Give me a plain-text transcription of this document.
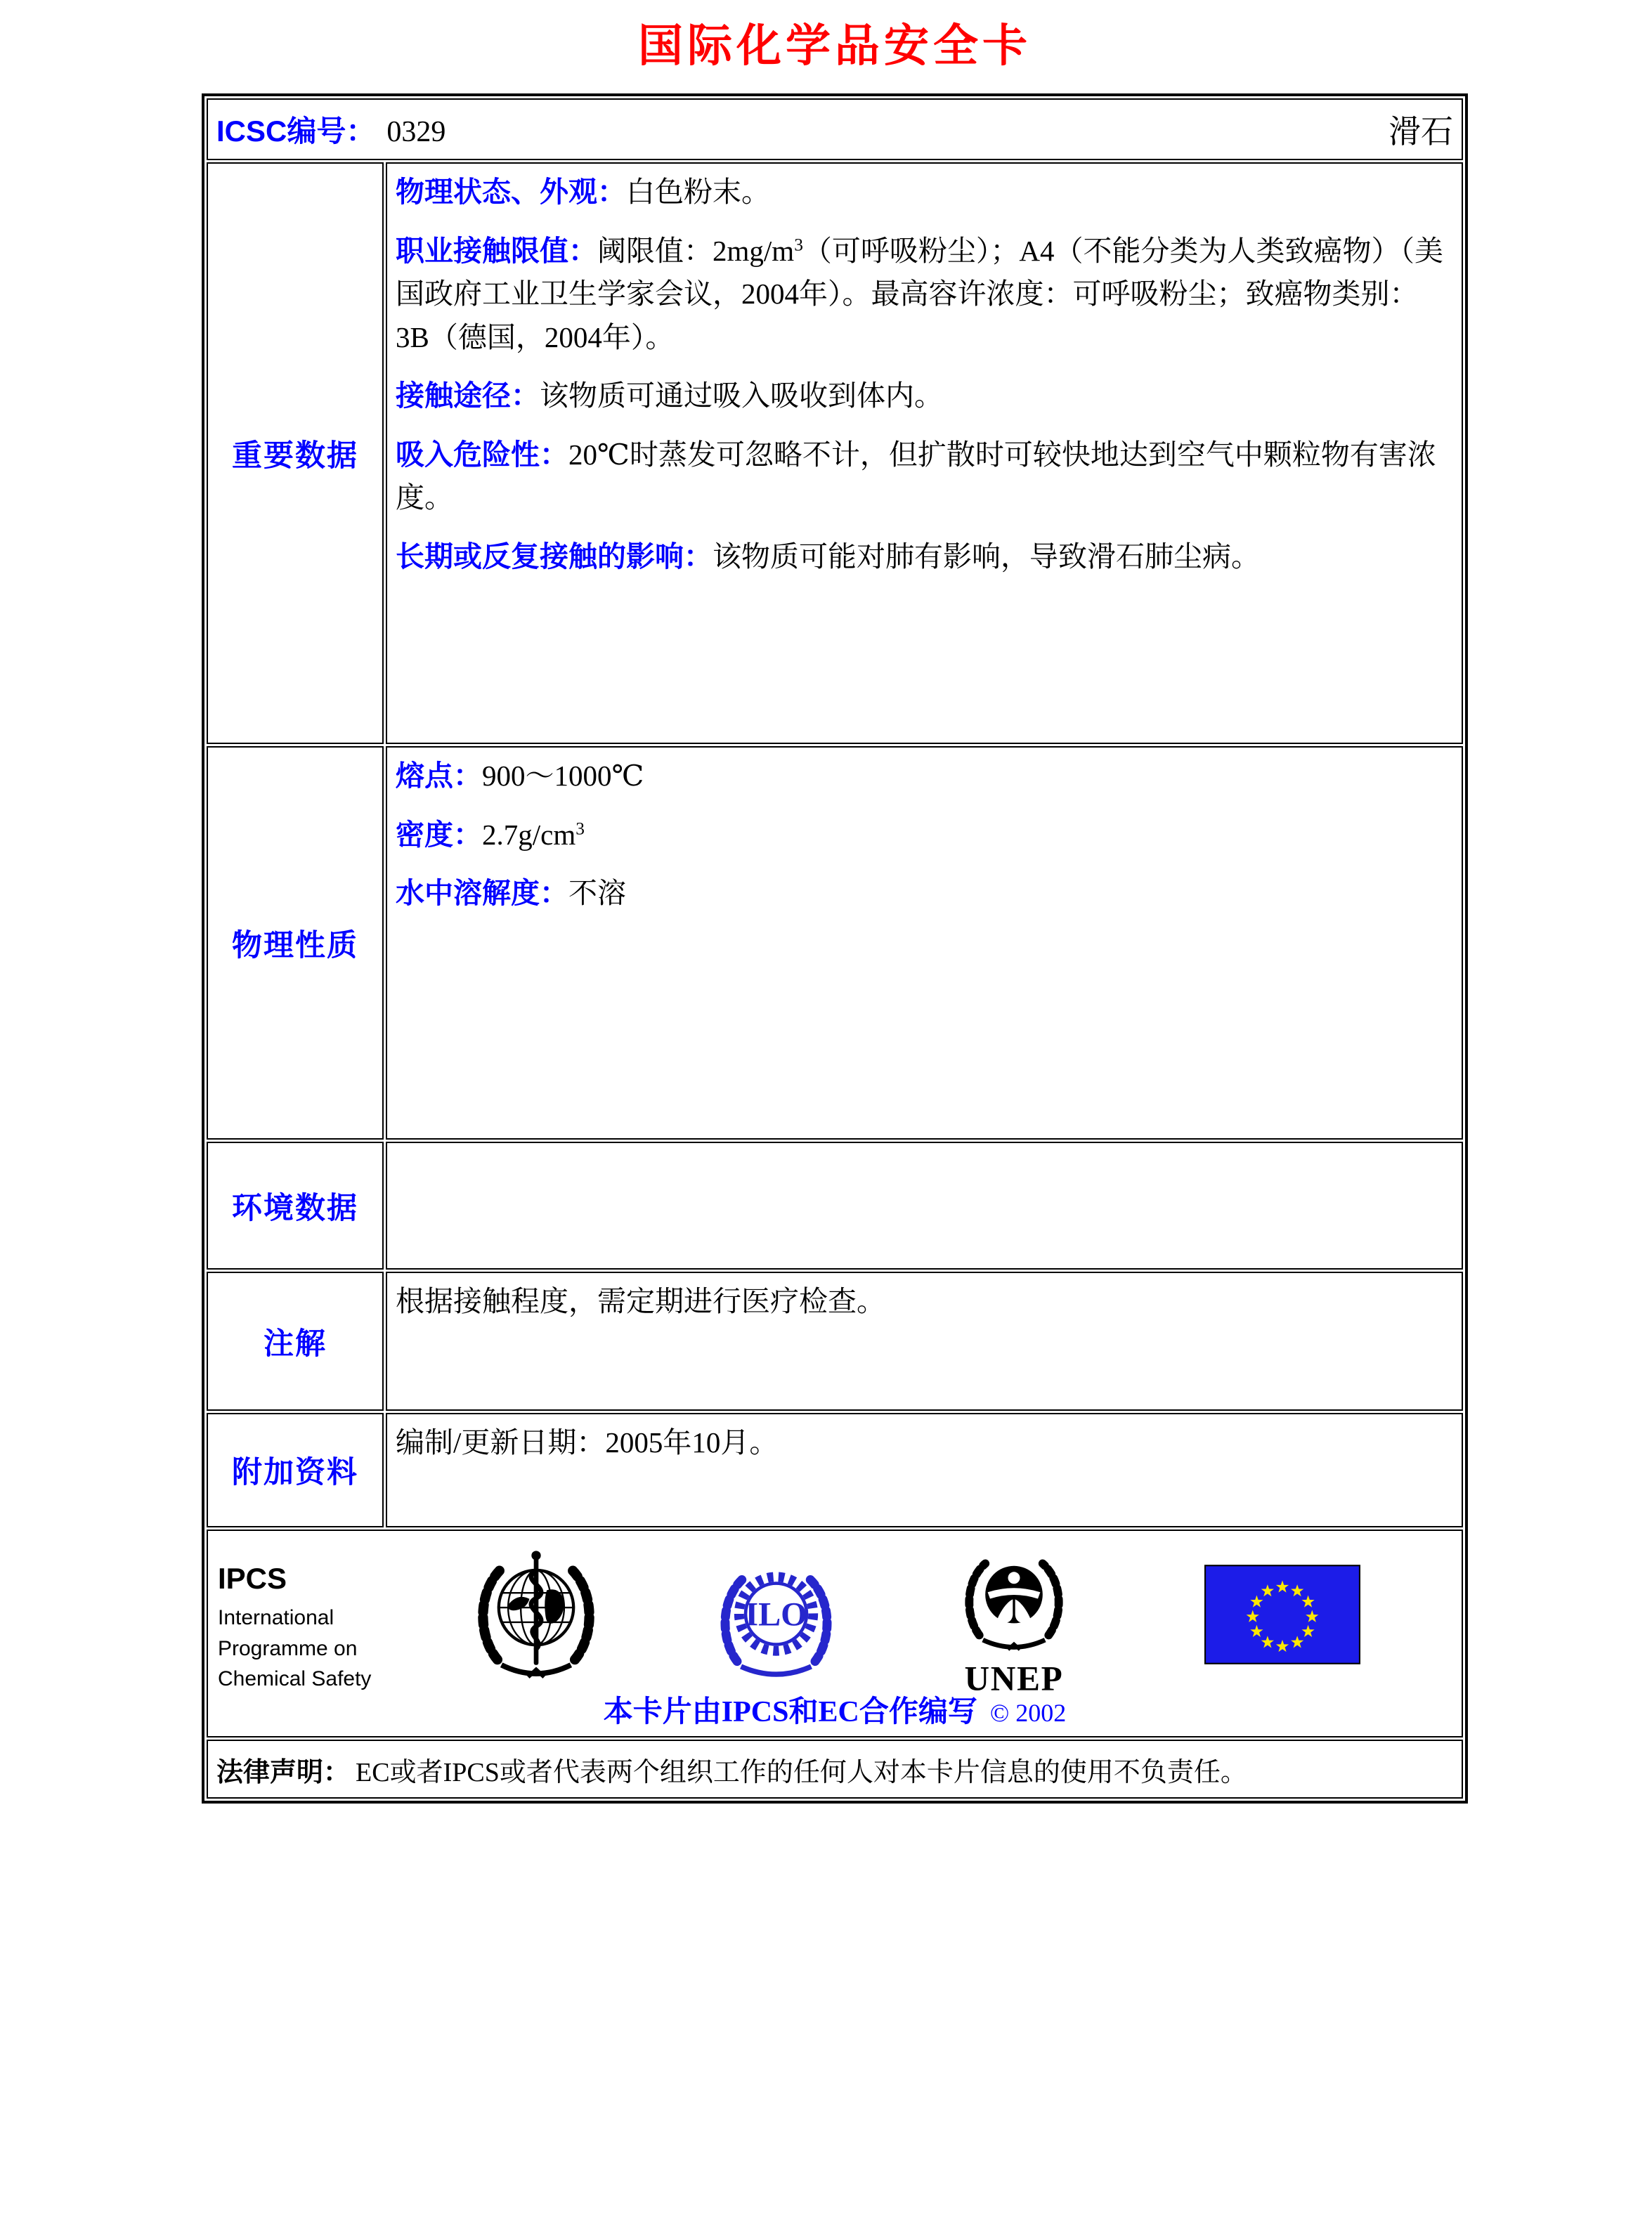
国际化学品安全卡
ICSC编号： 0329 滑石	

重要数据	物理状态、外观：白色粉末。

职业接触限值：阈限值：$2mg/m^3$（可呼吸粉尘）；A4（不能分类为人类致癌物）（美国政府工业卫生学家会议，2004年）。最高容许浓度：可呼吸粉尘；致癌物类别：3B（德国，2004年）。

接触途径：该物质可通过吸入吸收到体内。

吸入危险性：20℃时蒸发可忽略不计，但扩散时可较快地达到空气中颗粒物有害浓度。

长期或反复接触的影响：该物质可能对肺有影响，导致滑石肺尘病。

物理性质	熔点：900～1000℃

密度：$2.7g/cm^3$

水中溶解度：不溶

环境数据	
注解	根据接触程度，需定期进行医疗检查。

附加资料	编制/更新日期：2005年10月。

IPCS

International
Programme on
Chemical Safety
ILO
UNEP
本卡片由IPCS和EC合作编写 © 2002

法律声明： EC或者IPCS或者代表两个组织工作的任何人对本卡片信息的使用不负责任。	
